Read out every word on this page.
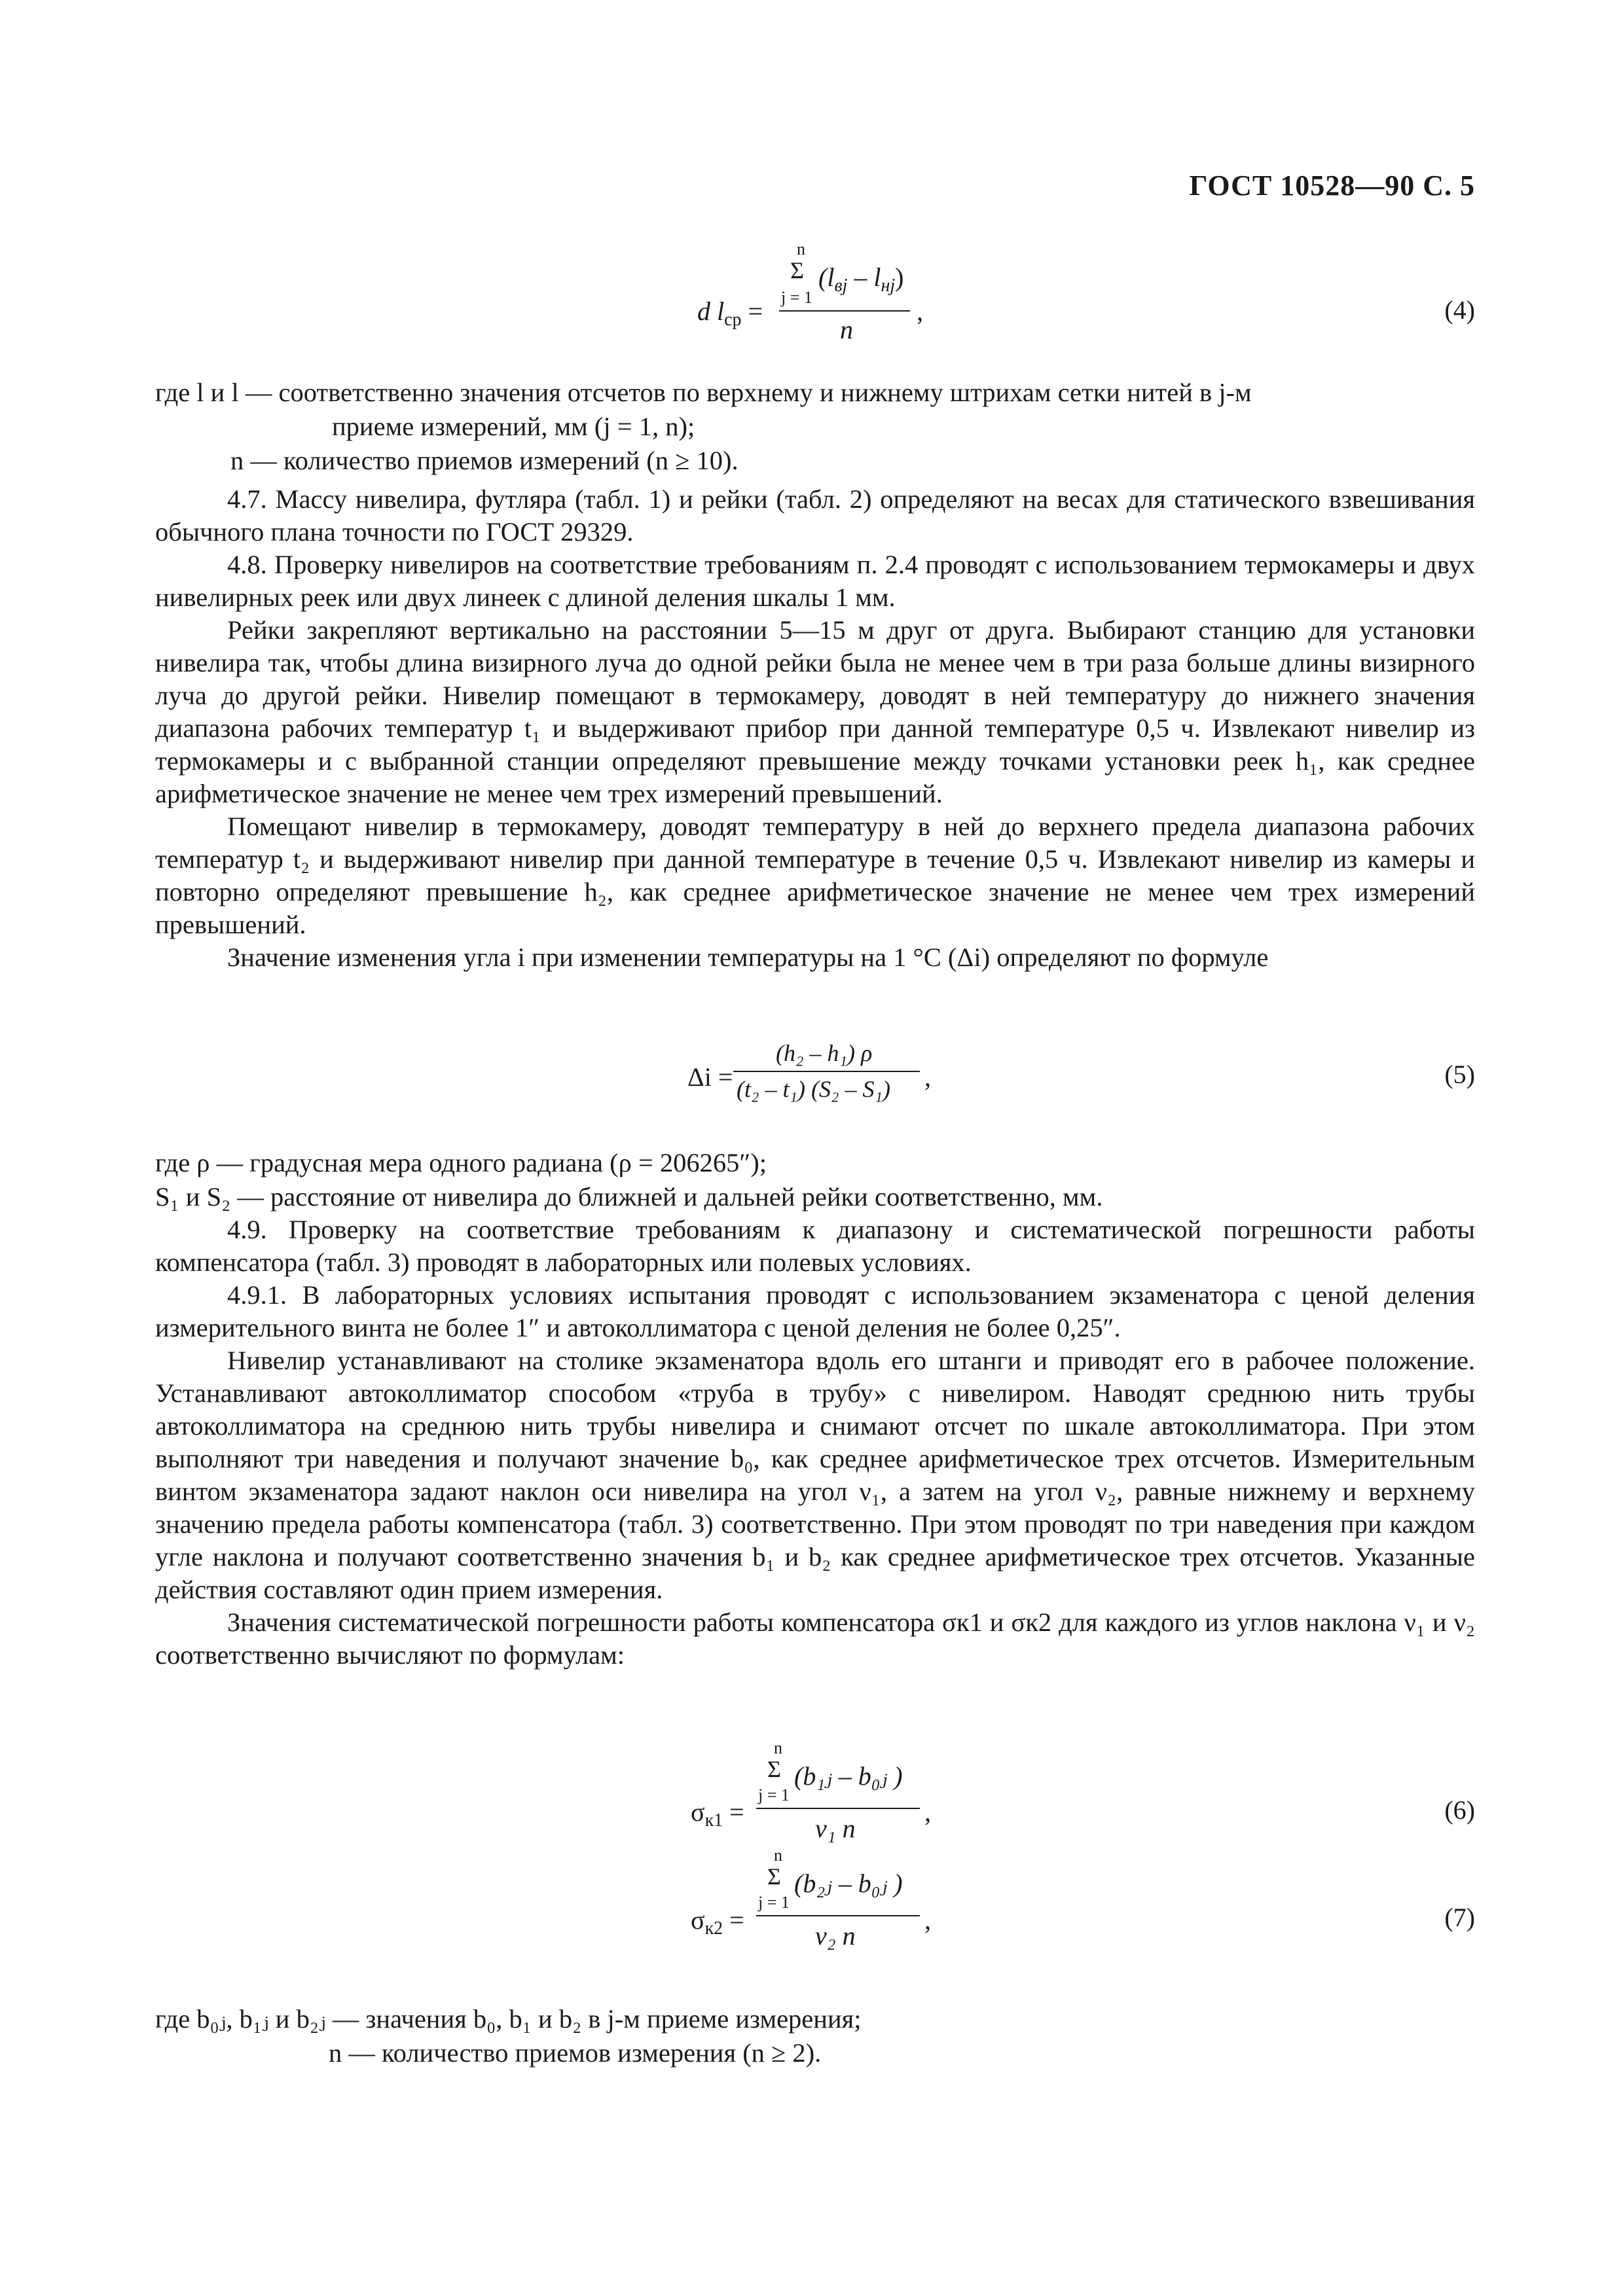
ГОСТ 10528—90 С. 5
d $l_{ср}$ =
n
Σ
j = 1
$(l_{вj} - l_{нj})$
n
,	(4)
где l и l — соответственно значения отсчетов по верхнему и нижнему штрихам сетки нитей в j-м
приеме измерений, мм (j = 1, n);
n — количество приемов измерений (n ≥ 10).

4.7. Массу нивелира, футляра (табл. 1) и рейки (табл. 2) определяют на весах для статического взвешивания обычного плана точности по ГОСТ 29329.

4.8. Проверку нивелиров на соответствие требованиям п. 2.4 проводят с использованием термокамеры и двух нивелирных реек или двух линеек с длиной деления шкалы 1 мм.

Рейки закрепляют вертикально на расстоянии 5—15 м друг от друга. Выбирают станцию для установки нивелира так, чтобы длина визирного луча до одной рейки была не менее чем в три раза больше длины визирного луча до другой рейки. Нивелир помещают в термокамеру, доводят в ней температуру до нижнего значения диапазона рабочих температур t₁ и выдерживают прибор при данной температуре 0,5 ч. Извлекают нивелир из термокамеры и с выбранной станции определяют превышение между точками установки реек h₁, как среднее арифметическое значение не менее чем трех измерений превышений.

Помещают нивелир в термокамеру, доводят температуру в ней до верхнего предела диапазона рабочих температур t₂ и выдерживают нивелир при данной температуре в течение 0,5 ч. Извлекают нивелир из камеры и повторно определяют превышение h₂, как среднее арифметическое значение не менее чем трех измерений превышений.

Значение изменения угла i при изменении температуры на 1 °С (Δi) определяют по формуле

Δi =
(h₂ – h₁) ρ
(t₂ – t₁) (S₂ – S₁) ,	(5)
где ρ — градусная мера одного радиана (ρ = 206265″);
S₁ и S₂ — расстояние от нивелира до ближней и дальней рейки соответственно, мм.

4.9. Проверку на соответствие требованиям к диапазону и систематической погрешности работы компенсатора (табл. 3) проводят в лабораторных или полевых условиях.

4.9.1. В лабораторных условиях испытания проводят с использованием экзаменатора с ценой деления измерительного винта не более 1″ и автоколлиматора с ценой деления не более 0,25″.

Нивелир устанавливают на столике экзаменатора вдоль его штанги и приводят его в рабочее положение. Устанавливают автоколлиматор способом «труба в трубу» с нивелиром. Наводят среднюю нить трубы автоколлиматора на среднюю нить трубы нивелира и снимают отсчет по шкале автоколлиматора. При этом выполняют три наведения и получают значение b₀, как среднее арифметическое трех отсчетов. Измерительным винтом экзаменатора задают наклон оси нивелира на угол ν₁, а затем на угол ν₂, равные нижнему и верхнему значению предела работы компенсатора (табл. 3) соответственно. При этом проводят по три наведения при каждом угле наклона и получают соответственно значения b₁ и b₂ как среднее арифметическое трех отсчетов. Указанные действия составляют один прием измерения.

Значения систематической погрешности работы компенсатора σк1 и σк2 для каждого из углов наклона ν₁ и ν₂ соответственно вычисляют по формулам:

$\sigma_{к1}$ =
n
Σ
j = 1
(b₁ⱼ – b₀ⱼ )
ν₁ n
,	(6)
$\sigma_{к2}$ =
n
Σ
j = 1
(b₂ⱼ – b₀ⱼ )
ν₂ n
,	(7)
где b₀ⱼ, b₁ⱼ и b₂ⱼ — значения b₀, b₁ и b₂ в j-м приеме измерения;
n — количество приемов измерения (n ≥ 2).
